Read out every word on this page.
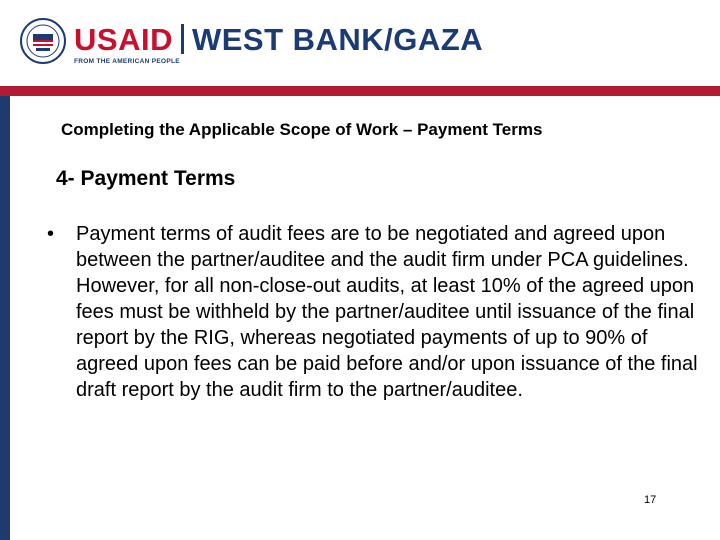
USAID WEST BANK/GAZA
FROM THE AMERICAN PEOPLE
Completing the Applicable Scope of Work – Payment Terms
4- Payment Terms
• Payment terms of audit fees are to be negotiated and agreed upon between the partner/auditee and the audit firm under PCA guidelines. However, for all non-close-out audits, at least 10% of the agreed upon fees must be withheld by the partner/auditee until issuance of the final report by the RIG, whereas negotiated payments of up to 90% of agreed upon fees can be paid before and/or upon issuance of the final draft report by the audit firm to the partner/auditee.
17
